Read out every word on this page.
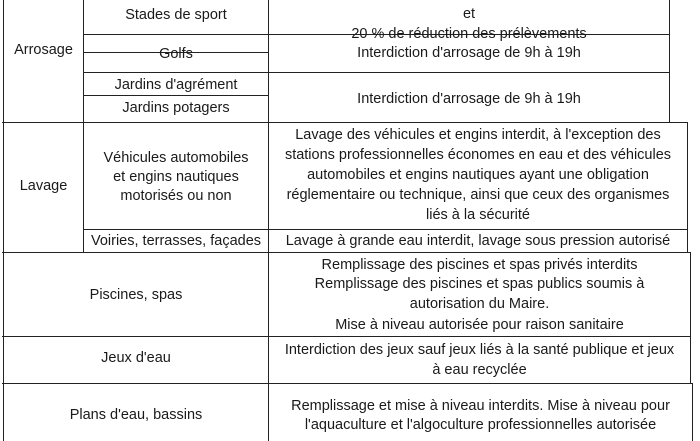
Arrosage
Stades de sport
Golfs
Jardins d'agrément
Jardins potagers
et
20 % de réduction des prélèvements
Interdiction d'arrosage de 9h à 19h
Interdiction d'arrosage de 9h à 19h
Lavage
Véhicules automobiles
et engins nautiques
motorisés ou non
Lavage des véhicules et engins interdit, à l'exception des
stations professionnelles économes en eau et des véhicules
automobiles et engins nautiques ayant une obligation
réglementaire ou technique, ainsi que ceux des organismes
liés à la sécurité
Voiries, terrasses, façades	Lavage à grande eau interdit, lavage sous pression autorisé
Piscines, spas
Remplissage des piscines et spas privés interdits
Remplissage des piscines et spas publics soumis à
autorisation du Maire.
Mise à niveau autorisée pour raison sanitaire
Jeux d'eau	Interdiction des jeux sauf jeux liés à la santé publique et jeux
à eau recyclée
Plans d'eau, bassins
Remplissage et mise à niveau interdits. Mise à niveau pour
l'aquaculture et l'algoculture professionnelles autorisée
